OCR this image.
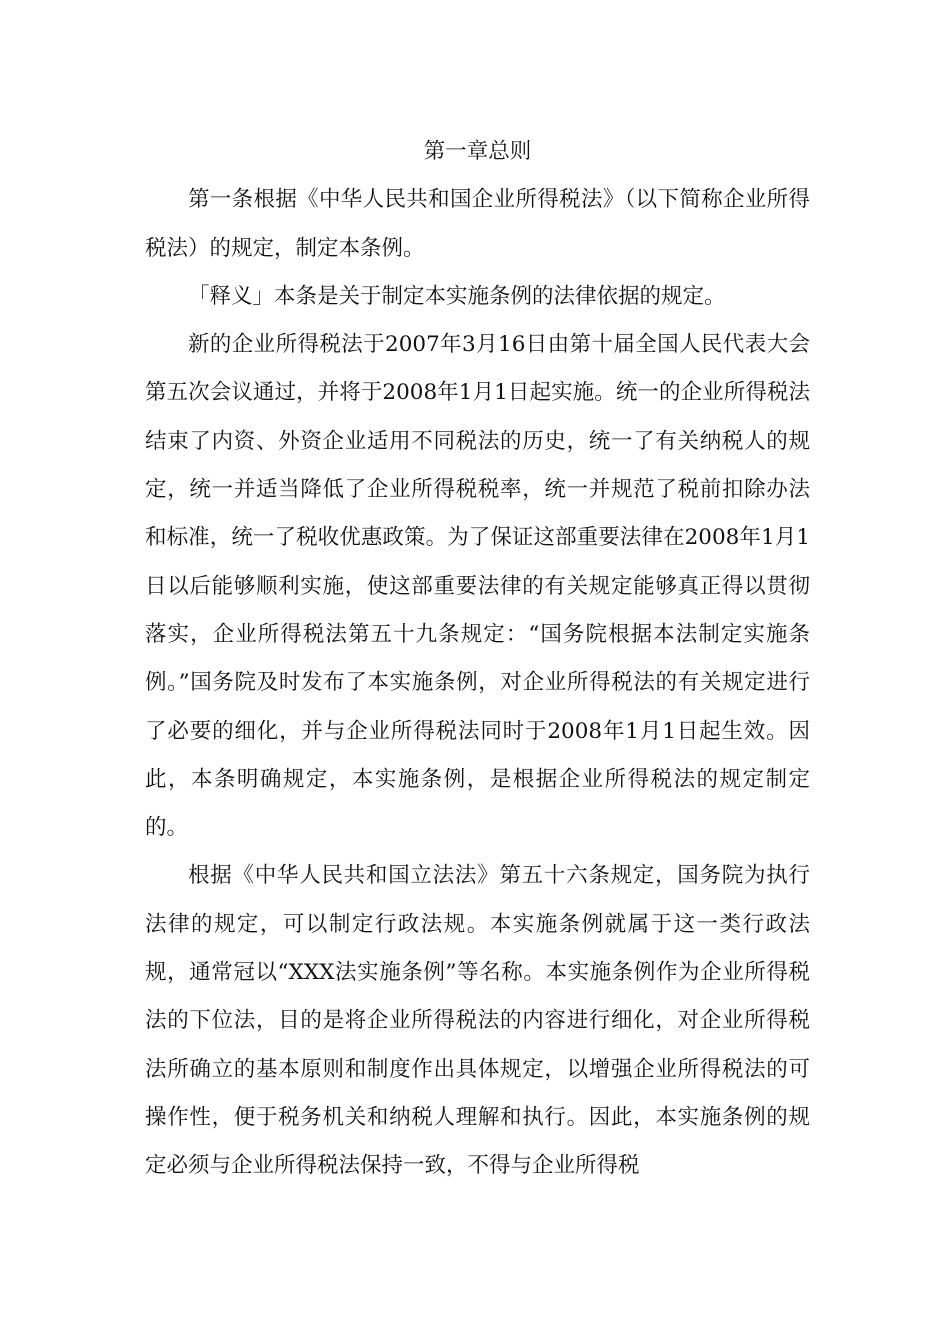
第一章总则

第一条根据《中华人民共和国企业所得税法》（以下简称企业所得税法）的规定，制定本条例。

「释义」本条是关于制定本实施条例的法律依据的规定。

新的企业所得税法于2007年3月16日由第十届全国人民代表大会第五次会议通过，并将于2008年1月1日起实施。统一的企业所得税法结束了内资、外资企业适用不同税法的历史，统一了有关纳税人的规定，统一并适当降低了企业所得税税率，统一并规范了税前扣除办法和标准，统一了税收优惠政策。为了保证这部重要法律在2008年1月1日以后能够顺利实施，使这部重要法律的有关规定能够真正得以贯彻落实，企业所得税法第五十九条规定：“国务院根据本法制定实施条例。”国务院及时发布了本实施条例，对企业所得税法的有关规定进行了必要的细化，并与企业所得税法同时于2008年1月1日起生效。因此，本条明确规定，本实施条例，是根据企业所得税法的规定制定的。

根据《中华人民共和国立法法》第五十六条规定，国务院为执行法律的规定，可以制定行政法规。本实施条例就属于这一类行政法规，通常冠以“XXX法实施条例”等名称。本实施条例作为企业所得税法的下位法，目的是将企业所得税法的内容进行细化，对企业所得税法所确立的基本原则和制度作出具体规定，以增强企业所得税法的可操作性，便于税务机关和纳税人理解和执行。因此，本实施条例的规定必须与企业所得税法保持一致，不得与企业所得税
